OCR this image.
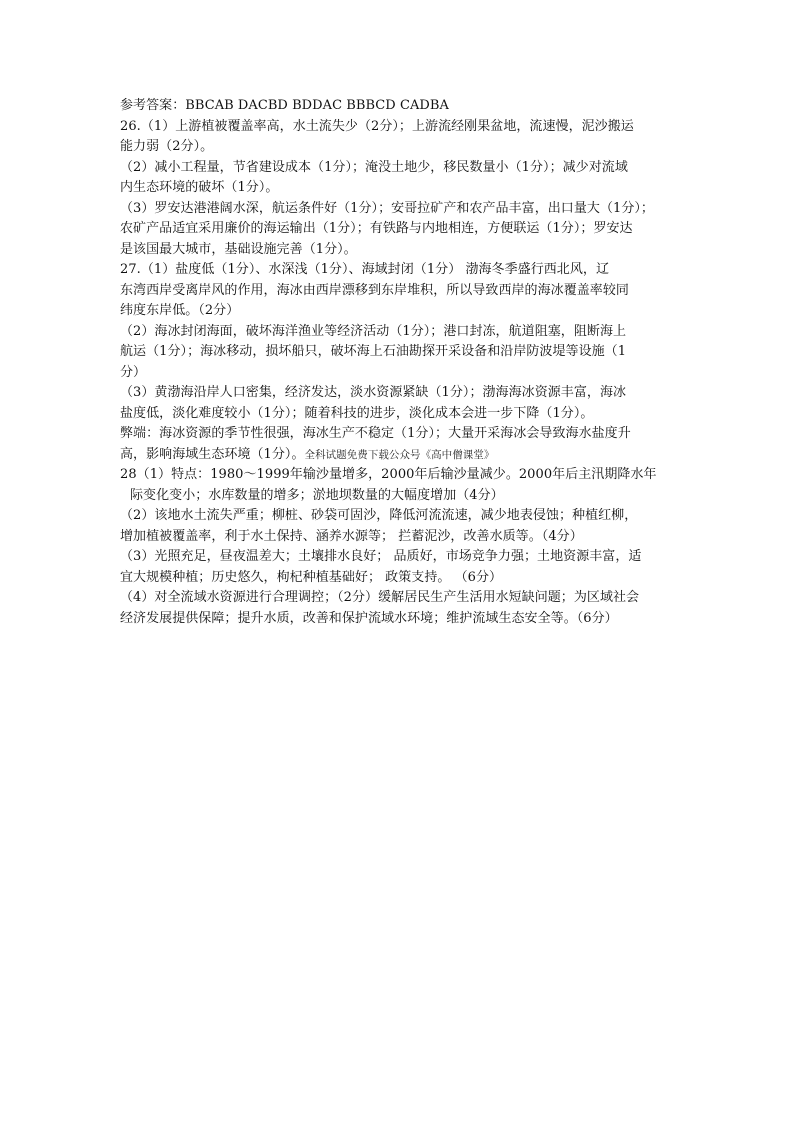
参考答案：BBCAB DACBD BDDAC BBBCD CADBA
26.（1）上游植被覆盖率高，水土流失少（2分）；上游流经刚果盆地，流速慢，泥沙搬运
能力弱（2分）。
（2）减小工程量，节省建设成本（1分）；淹没土地少，移民数量小（1分）；减少对流域
内生态环境的破坏（1分）。
（3）罗安达港港阔水深，航运条件好（1分）；安哥拉矿产和农产品丰富，出口量大（1分）；
农矿产品适宜采用廉价的海运输出（1分）；有铁路与内地相连，方便联运（1分）；罗安达
是该国最大城市，基础设施完善（1分）。
27.（1）盐度低（1分）、水深浅（1分）、海域封闭（1分） 渤海冬季盛行西北风，辽
东湾西岸受离岸风的作用，海冰由西岸漂移到东岸堆积，所以导致西岸的海冰覆盖率较同
纬度东岸低。（2分）
（2）海冰封闭海面，破坏海洋渔业等经济活动（1分）；港口封冻，航道阻塞，阻断海上
航运（1分）；海冰移动，损坏船只，破坏海上石油勘探开采设备和沿岸防波堤等设施（1
分）
（3）黄渤海沿岸人口密集，经济发达，淡水资源紧缺（1分）；渤海海冰资源丰富，海冰
盐度低，淡化难度较小（1分）；随着科技的进步，淡化成本会进一步下降（1分）。
弊端：海冰资源的季节性很强，海冰生产不稳定（1分）；大量开采海冰会导致海水盐度升
高，影响海域生态环境（1分）。全科试题免费下载公众号《高中僧课堂》
28（1）特点：1980～1999年输沙量增多，2000年后输沙量减少。2000年后主汛期降水年
际变化变小；水库数量的增多；淤地坝数量的大幅度增加（4分）
（2）该地水土流失严重；柳桩、砂袋可固沙，降低河流流速，减少地表侵蚀；种植红柳，
增加植被覆盖率，利于水土保持、涵养水源等； 拦蓄泥沙，改善水质等。（4分）
（3）光照充足，昼夜温差大；土壤排水良好； 品质好，市场竞争力强；土地资源丰富，适
宜大规模种植；历史悠久，枸杞种植基础好； 政策支持。 （6分）
（4）对全流域水资源进行合理调控；（2分）缓解居民生产生活用水短缺问题；为区域社会
经济发展提供保障；提升水质，改善和保护流域水环境；维护流域生态安全等。（6分）
